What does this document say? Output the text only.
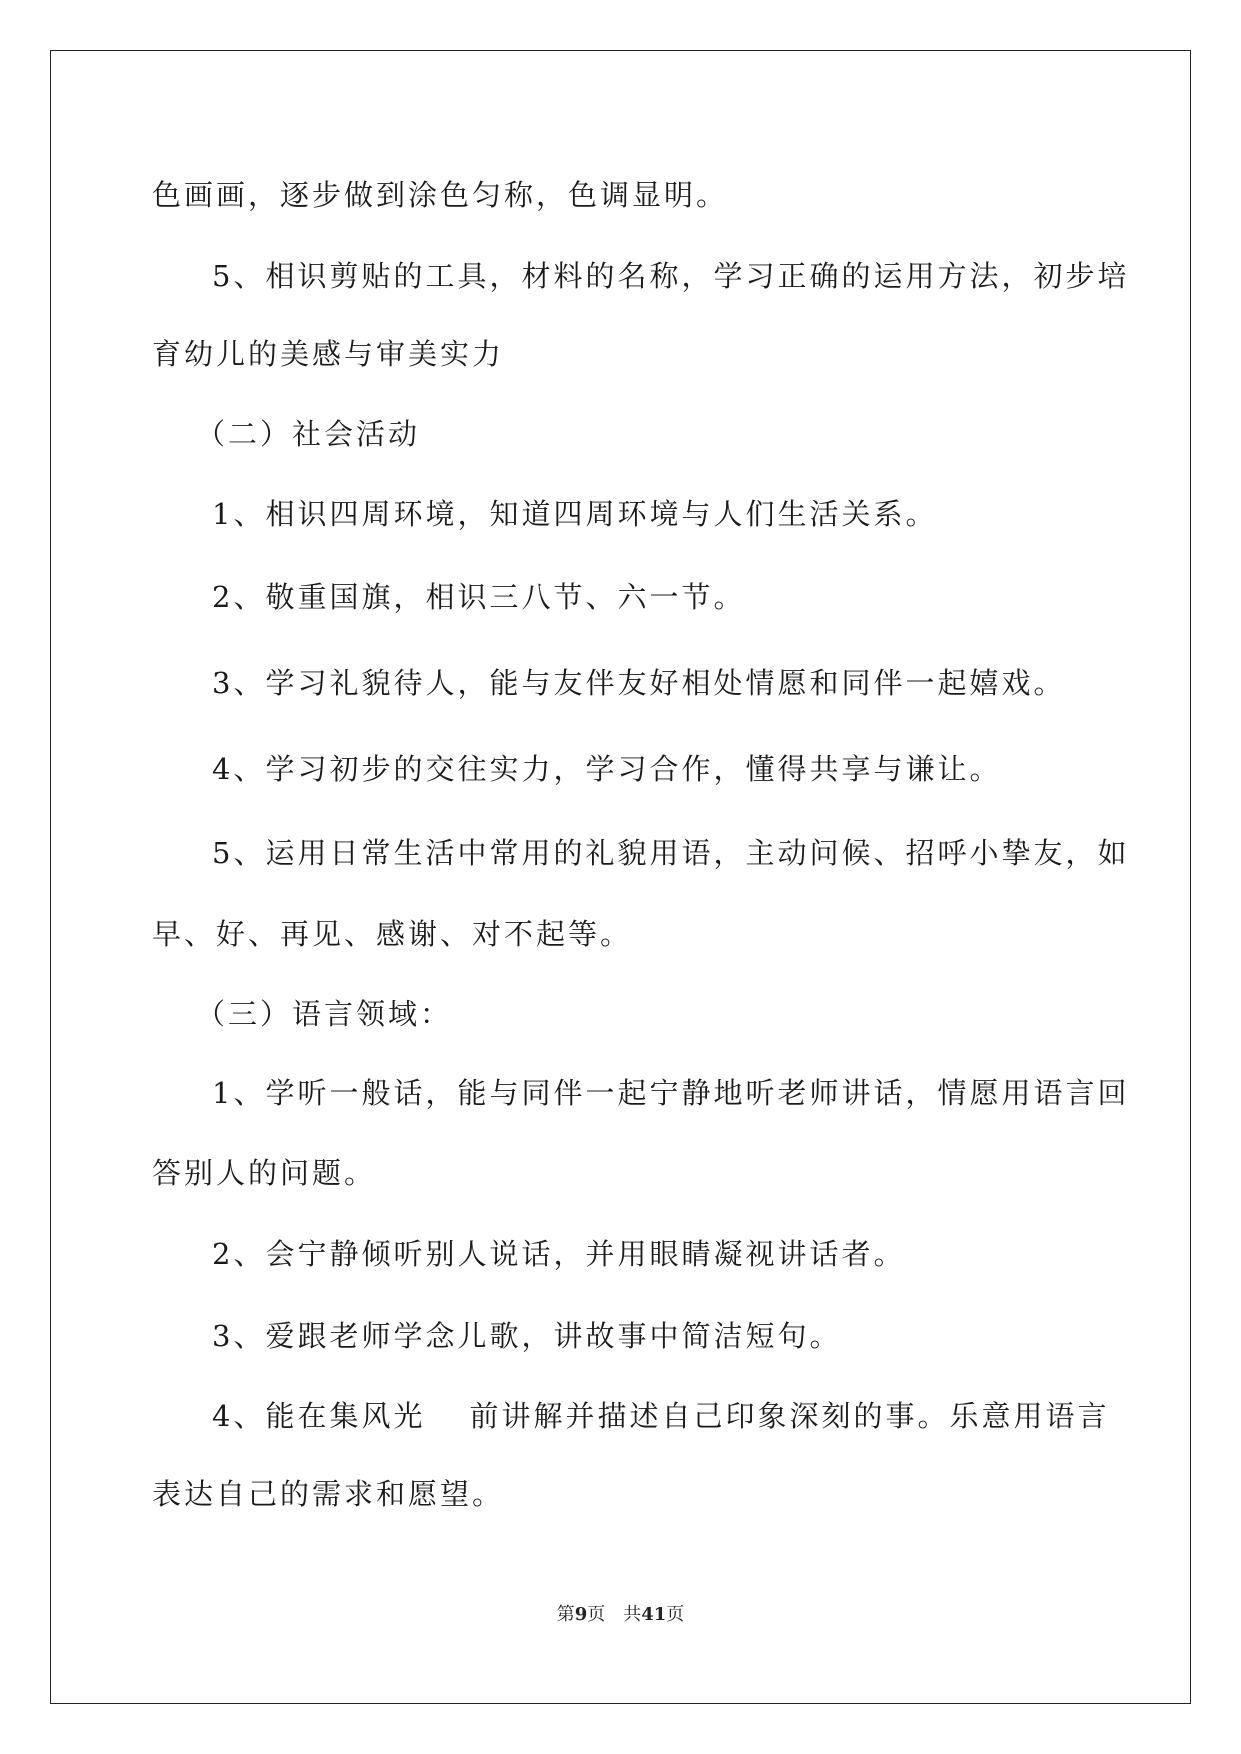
色画画，逐步做到涂色匀称，色调显明。
5、相识剪贴的工具，材料的名称，学习正确的运用方法，初步培
育幼儿的美感与审美实力
（二）社会活动
1、相识四周环境，知道四周环境与人们生活关系。
2、敬重国旗，相识三八节、六一节。
3、学习礼貌待人，能与友伴友好相处情愿和同伴一起嬉戏。
4、学习初步的交往实力，学习合作，懂得共享与谦让。
5、运用日常生活中常用的礼貌用语，主动问候、招呼小挚友，如
早、好、再见、感谢、对不起等。
（三）语言领域：
1、学听一般话，能与同伴一起宁静地听老师讲话，情愿用语言回
答别人的问题。
2、会宁静倾听别人说话，并用眼睛凝视讲话者。
3、爱跟老师学念儿歌，讲故事中简洁短句。
4、能在集风光 前讲解并描述自己印象深刻的事。乐意用语言
表达自己的需求和愿望。
第9页 共41页
